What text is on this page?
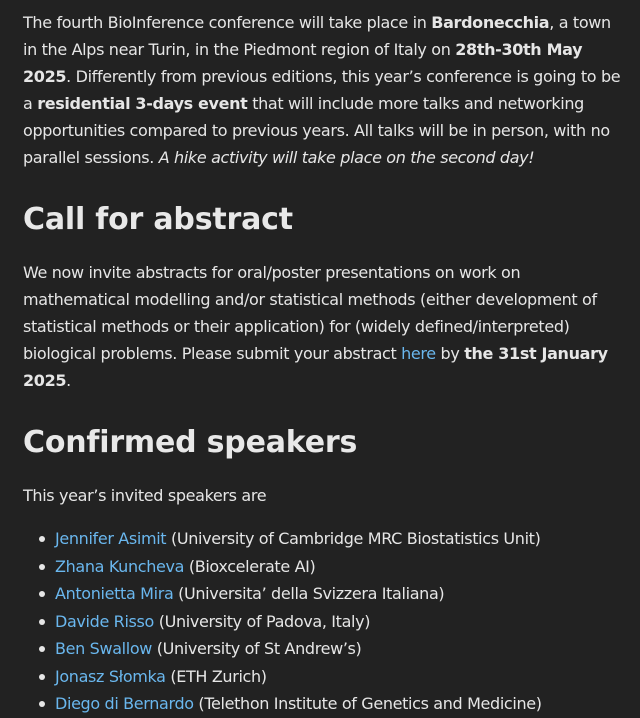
The fourth BioInference conference will take place in Bardonecchia, a town in the Alps near Turin, in the Piedmont region of Italy on 28th-30th May 2025. Differently from previous editions, this year’s conference is going to be a residential 3-days event that will include more talks and networking opportunities compared to previous years. All talks will be in person, with no parallel sessions. A hike activity will take place on the second day!

Call for abstract

We now invite abstracts for oral/poster presentations on work on mathematical modelling and/or statistical methods (either development of statistical methods or their application) for (widely defined/interpreted) biological problems. Please submit your abstract here by the 31st January 2025.

Confirmed speakers

This year’s invited speakers are

Jennifer Asimit (University of Cambridge MRC Biostatistics Unit)
Zhana Kuncheva (Bioxcelerate AI)
Antonietta Mira (Universita’ della Svizzera Italiana)
Davide Risso (University of Padova, Italy)
Ben Swallow (University of St Andrew’s)
Jonasz Słomka (ETH Zurich)
Diego di Bernardo (Telethon Institute of Genetics and Medicine)
